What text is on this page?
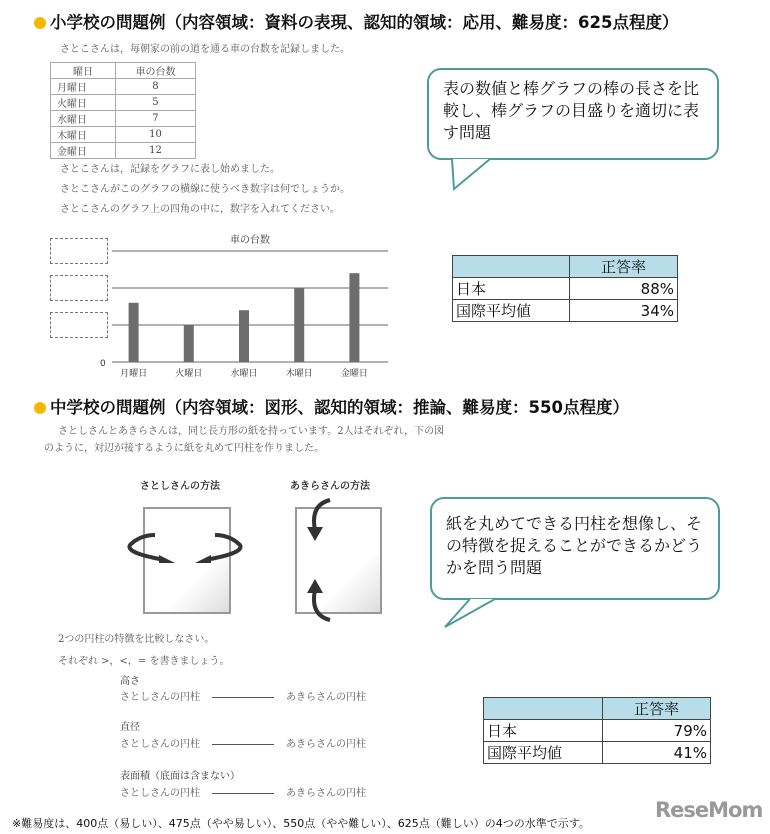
小学校の問題例（内容領域：資料の表現、認知的領域：応用、難易度：625点程度）
さとこさんは，毎朝家の前の道を通る車の台数を記録しました。
曜日	車の台数
月曜日	8
火曜日	5
水曜日	7
木曜日	10
金曜日	12
さとこさんは，記録をグラフに表し始めました。
さとこさんがこのグラフの横線に使うべき数字は何でしょうか。
さとこさんのグラフ上の四角の中に，数字を入れてください。
車の台数
0
月曜日	火曜日	水曜日	木曜日	金曜日
表の数値と棒グラフの棒の長さを比較し、棒グラフの目盛りを適切に表す問題
	正答率
日本	88%
国際平均値	34%
中学校の問題例（内容領域：図形、認知的領域：推論、難易度：550点程度）
さとしさんとあきらさんは，同じ長方形の紙を持っています。2人はそれぞれ，下の図
のように，対辺が接するように紙を丸めて円柱を作りました。
さとしさんの方法	あきらさんの方法
紙を丸めてできる円柱を想像し、その特徴を捉えることができるかどうかを問う問題
2つの円柱の特徴を比較しなさい。
それぞれ >，<，= を書きましょう。
高さ
さとしさんの円柱	あきらさんの円柱
直径
さとしさんの円柱	あきらさんの円柱
表面積（底面は含まない）
さとしさんの円柱	あきらさんの円柱
	正答率
日本	79%
国際平均値	41%
※難易度は、400点（易しい）、475点（やや易しい）、550点（やや難しい）、625点（難しい）の4つの水準で示す。
ReseMom
